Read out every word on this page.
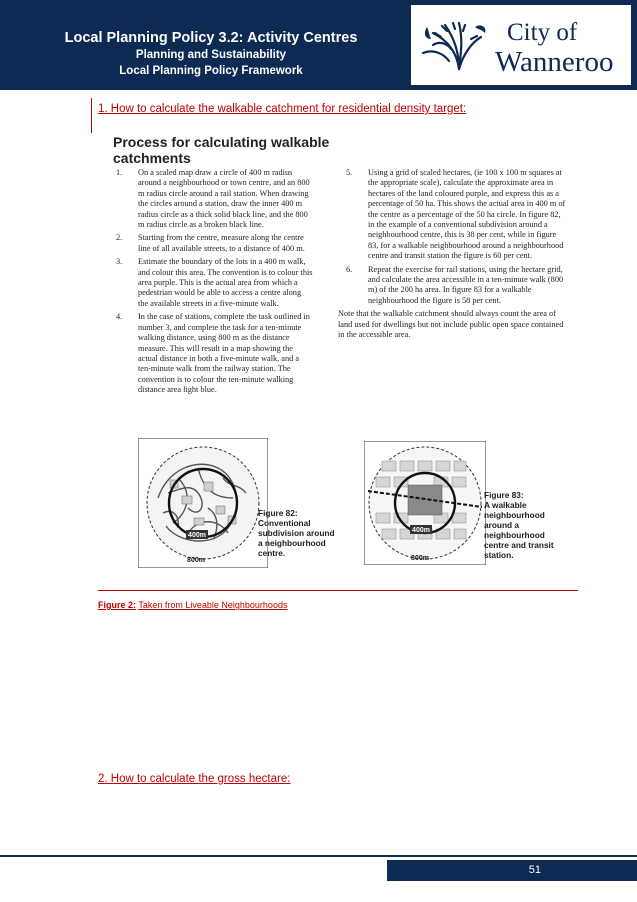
Local Planning Policy 3.2: Activity Centres
Planning and Sustainability
Local Planning Policy Framework
City of
Wanneroo
1. How to calculate the walkable catchment for residential density target:
Process for calculating walkable catchments
1. On a scaled map draw a circle of 400 m radius around a neighbourhood or town centre, and an 800 m radius circle around a rail station. When drawing the circles around a station, draw the inner 400 m radius circle as a thick solid black line, and the 800 m radius circle as a broken black line.
2. Starting from the centre, measure along the centre line of all available streets, to a distance of 400 m.
3. Estimate the boundary of the lots in a 400 m walk, and colour this area. The convention is to colour this area purple. This is the actual area from which a pedestrian would be able to access a centre along the available streets in a five-minute walk.
4. In the case of stations, complete the task outlined in number 3, and complete the task for a ten-minute walking distance, using 800 m as the distance measure. This will result in a map showing the actual distance in both a five-minute walk, and a ten-minute walk from the railway station. The convention is to colour the ten-minute walking distance area light blue.
5. Using a grid of scaled hectares, (ie 100 x 100 m squares at the appropriate scale), calculate the approximate area in hectares of the land coloured purple, and express this as a percentage of 50 ha. This shows the actual area in 400 m of the centre as a percentage of the 50 ha circle. In figure 82, in the example of a conventional subdivision around a neighbourhood centre, this is 38 per cent, while in figure 83, for a walkable neighbourhood around a neighbourhood centre and transit station the figure is 60 per cent.
6. Repeat the exercise for rail stations, using the hectare grid, and calculate the area accessible in a ten-minute walk (800 m) of the 200 ha area. In figure 83 for a walkable neighbourhood the figure is 58 per cent.
Note that the walkable catchment should always count the area of land used for dwellings but not include public open space contained in the accessible area.
400m
800m
Figure 82:
Conventional
subdivision around
a neighbourhood
centre.
400m
800m
Figure 83:
A walkable
neighbourhood
around a
neighbourhood
centre and transit
station.
Figure 2: Taken from Liveable Neighbourhoods
2. How to calculate the gross hectare:
51
